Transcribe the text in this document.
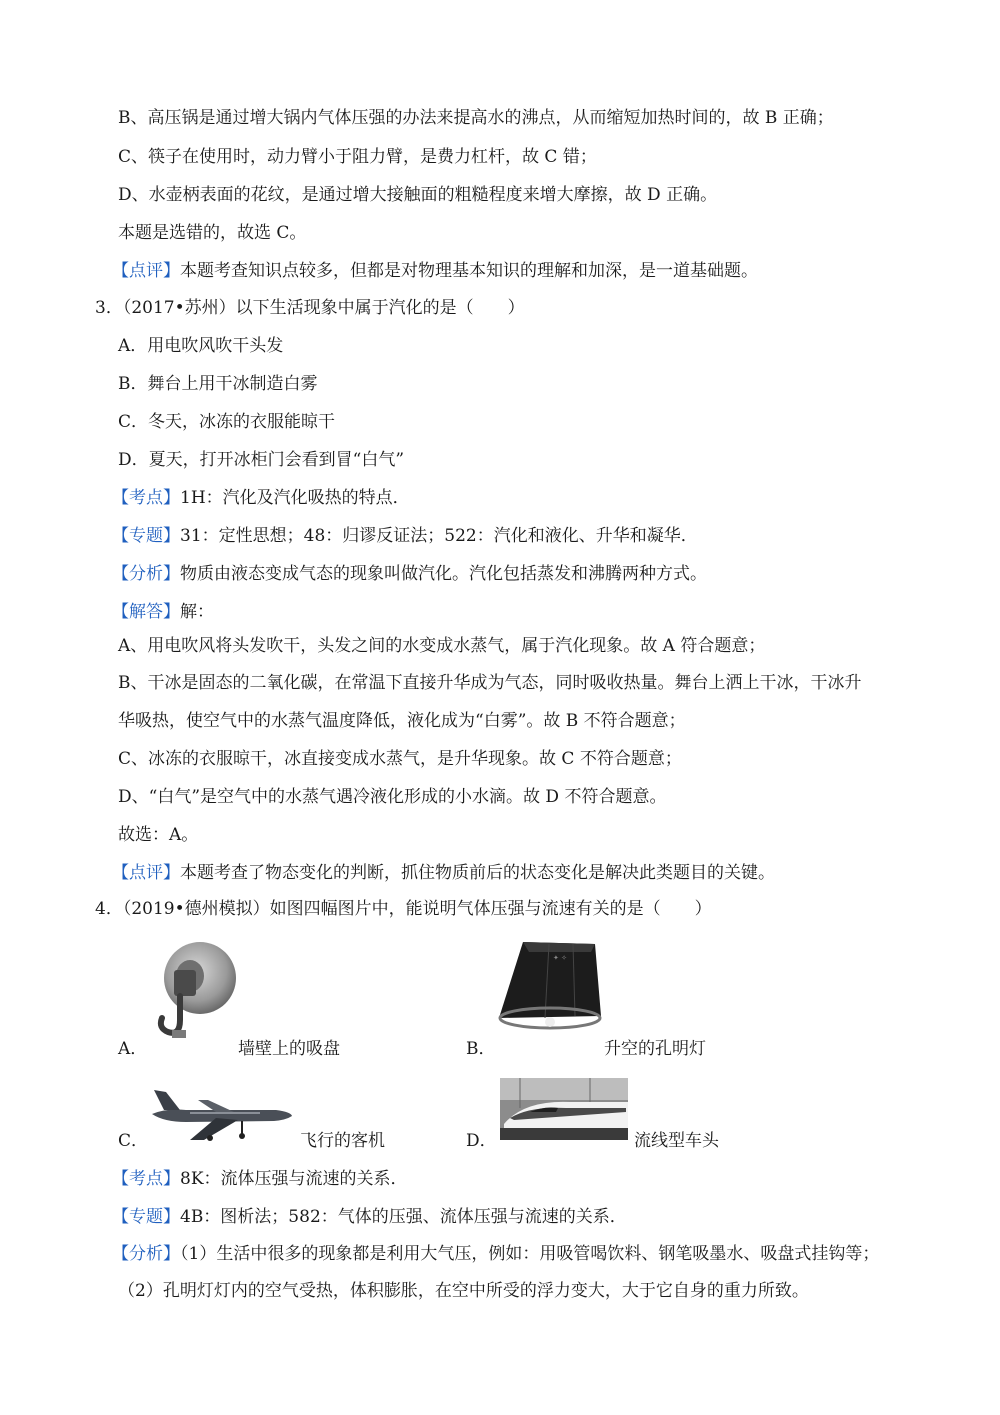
B、高压锅是通过增大锅内气体压强的办法来提高水的沸点，从而缩短加热时间的，故 B 正确；
C、筷子在使用时，动力臂小于阻力臂，是费力杠杆，故 C 错；
D、水壶柄表面的花纹，是通过增大接触面的粗糙程度来增大摩擦，故 D 正确。
本题是选错的，故选 C。
【点评】本题考查知识点较多，但都是对物理基本知识的理解和加深，是一道基础题。
3．（2017•苏州）以下生活现象中属于汽化的是（　　）
A．用电吹风吹干头发
B．舞台上用干冰制造白雾
C．冬天，冰冻的衣服能晾干
D．夏天，打开冰柜门会看到冒“白气”
【考点】1H：汽化及汽化吸热的特点．
【专题】31：定性思想；48：归谬反证法；522：汽化和液化、升华和凝华．
【分析】物质由液态变成气态的现象叫做汽化。汽化包括蒸发和沸腾两种方式。
【解答】解：
A、用电吹风将头发吹干，头发之间的水变成水蒸气，属于汽化现象。故 A 符合题意；
B、干冰是固态的二氧化碳，在常温下直接升华成为气态，同时吸收热量。舞台上洒上干冰，干冰升
华吸热，使空气中的水蒸气温度降低，液化成为“白雾”。故 B 不符合题意；
C、冰冻的衣服晾干，冰直接变成水蒸气，是升华现象。故 C 不符合题意；
D、“白气”是空气中的水蒸气遇冷液化形成的小水滴。故 D 不符合题意。
故选：A。
【点评】本题考查了物态变化的判断，抓住物质前后的状态变化是解决此类题目的关键。
4．（2019•德州模拟）如图四幅图片中，能说明气体压强与流速有关的是（　　）
A．	墙壁上的吸盘
✦ ✧
B．	升空的孔明灯
C．	飞行的客机	D．	流线型车头
【考点】8K：流体压强与流速的关系．
【专题】4B：图析法；582：气体的压强、流体压强与流速的关系．
【分析】（1）生活中很多的现象都是利用大气压，例如：用吸管喝饮料、钢笔吸墨水、吸盘式挂钩等；
（2）孔明灯灯内的空气受热，体积膨胀，在空中所受的浮力变大，大于它自身的重力所致。
